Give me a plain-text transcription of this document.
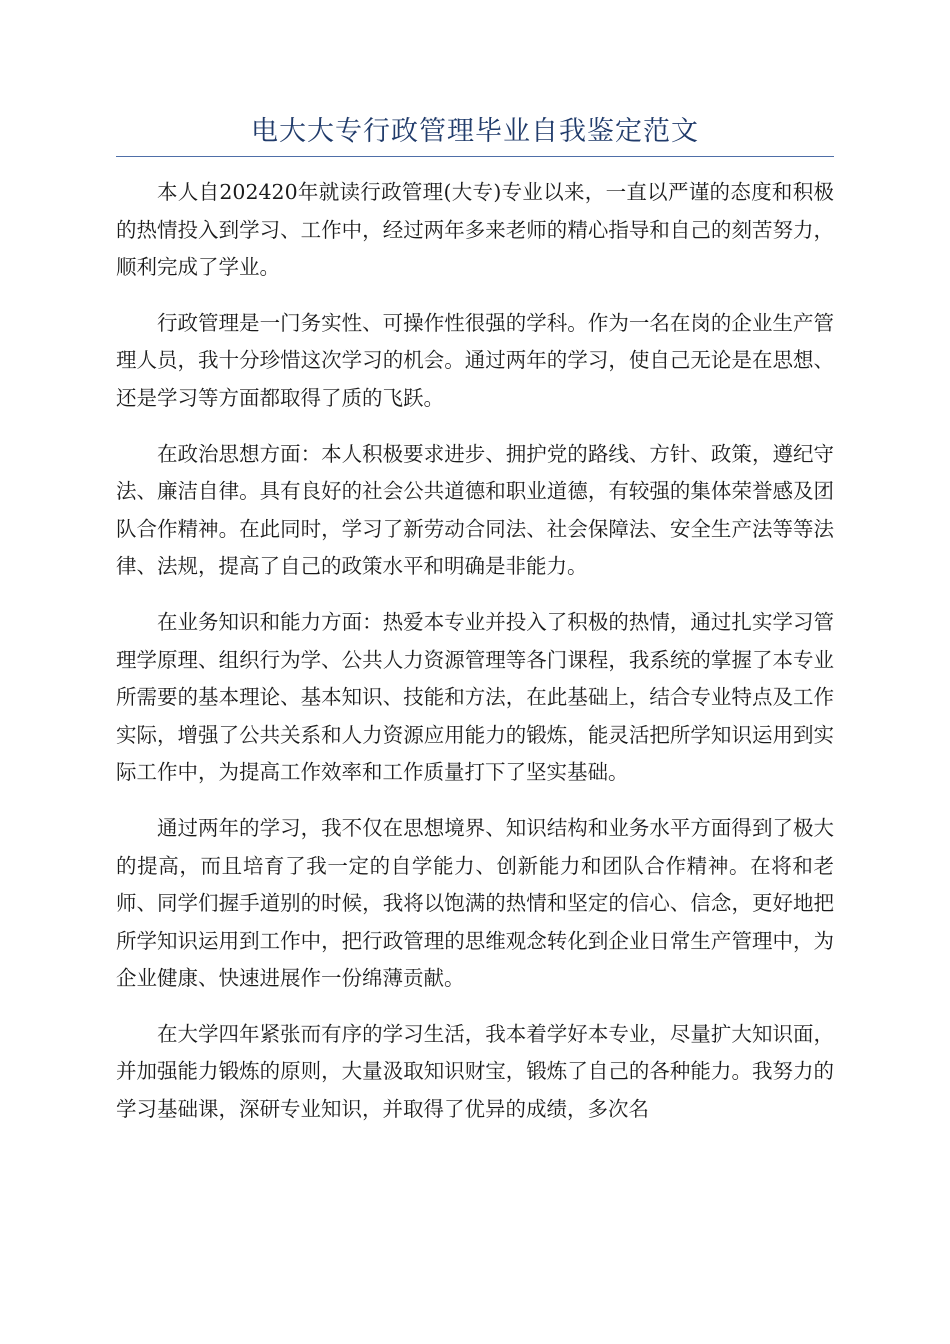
电大大专行政管理毕业自我鉴定范文

本人自202420年就读行政管理(大专)专业以来，一直以严谨的态度和积极的热情投入到学习、工作中，经过两年多来老师的精心指导和自己的刻苦努力，顺利完成了学业。

行政管理是一门务实性、可操作性很强的学科。作为一名在岗的企业生产管理人员，我十分珍惜这次学习的机会。通过两年的学习，使自己无论是在思想、还是学习等方面都取得了质的飞跃。

在政治思想方面：本人积极要求进步、拥护党的路线、方针、政策，遵纪守法、廉洁自律。具有良好的社会公共道德和职业道德，有较强的集体荣誉感及团队合作精神。在此同时，学习了新劳动合同法、社会保障法、安全生产法等等法律、法规，提高了自己的政策水平和明确是非能力。

在业务知识和能力方面：热爱本专业并投入了积极的热情，通过扎实学习管理学原理、组织行为学、公共人力资源管理等各门课程，我系统的掌握了本专业所需要的基本理论、基本知识、技能和方法，在此基础上，结合专业特点及工作实际，增强了公共关系和人力资源应用能力的锻炼，能灵活把所学知识运用到实际工作中，为提高工作效率和工作质量打下了坚实基础。

通过两年的学习，我不仅在思想境界、知识结构和业务水平方面得到了极大的提高，而且培育了我一定的自学能力、创新能力和团队合作精神。在将和老师、同学们握手道别的时候，我将以饱满的热情和坚定的信心、信念，更好地把所学知识运用到工作中，把行政管理的思维观念转化到企业日常生产管理中，为企业健康、快速进展作一份绵薄贡献。

在大学四年紧张而有序的学习生活，我本着学好本专业，尽量扩大知识面，并加强能力锻炼的原则，大量汲取知识财宝，锻炼了自己的各种能力。我努力的学习基础课，深研专业知识，并取得了优异的成绩，多次名
